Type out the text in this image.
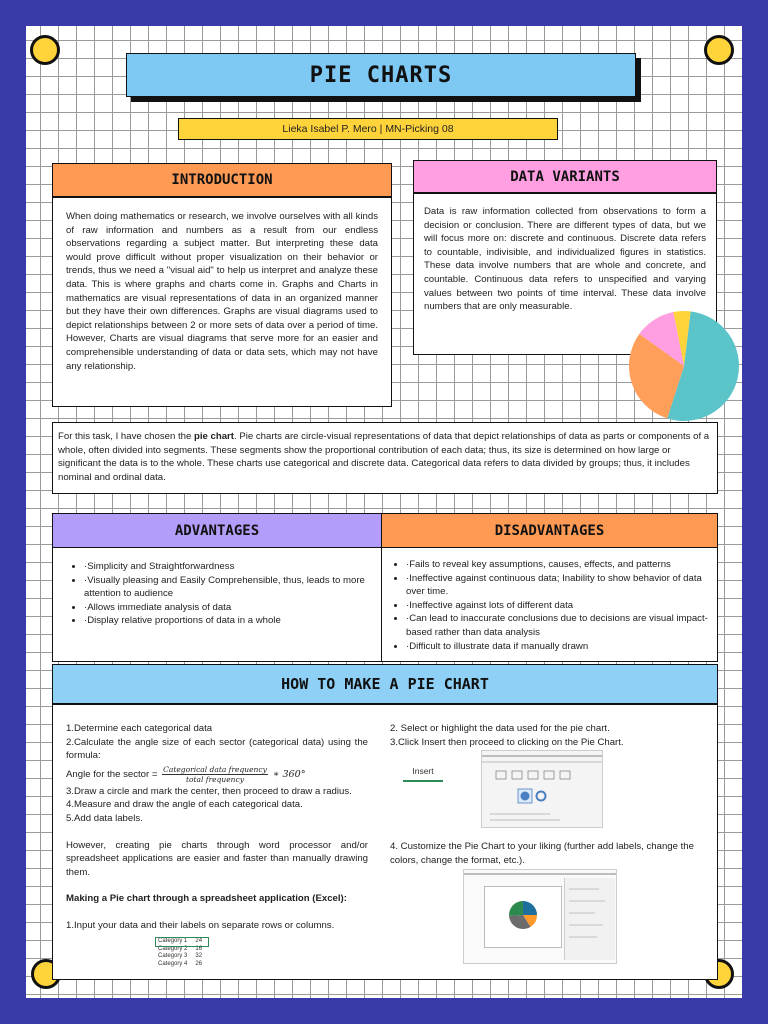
PIE CHARTS
Lieka Isabel P. Mero | MN-Picking 08
INTRODUCTION
When doing mathematics or research, we involve ourselves with all kinds of raw information and numbers as a result from our endless observations regarding a subject matter. But interpreting these data would prove difficult without proper visualization on their behavior or trends, thus we need a "visual aid" to help us interpret and analyze these data. This is where graphs and charts come in. Graphs and Charts in mathematics are visual representations of data in an organized manner but they have their own differences. Graphs are visual diagrams used to depict relationships between 2 or more sets of data over a period of time. However, Charts are visual diagrams that serve more for an easier and comprehensible understanding of data or data sets, which may not have any relationship.
DATA VARIANTS
Data is raw information collected from observations to form a decision or conclusion. There are different types of data, but we will focus more on: discrete and continuous. Discrete data refers to countable, indivisible, and individualized figures in statistics. These data involve numbers that are whole and concrete, and countable. Continuous data refers to unspecified and varying values between two points of time interval. These data involve numbers that are only measurable.
For this task, I have chosen the pie chart. Pie charts are circle-visual representations of data that depict relationships of data as parts or components of a whole, often divided into segments. These segments show the proportional contribution of each data; thus, its size is determined on how large or significant the data is to the whole. These charts use categorical and discrete data. Categorical data refers to data divided by groups; thus, it includes nominal and ordinal data.
ADVANTAGES	DISADVANTAGES
• ·Simplicity and Straightforwardness
• ·Visually pleasing and Easily Comprehensible, thus, leads to more attention to audience
• ·Allows immediate analysis of data
• ·Display relative proportions of data in a whole
• ·Fails to reveal key assumptions, causes, effects, and patterns
• ·Ineffective against continuous data; Inability to show behavior of data over time.
• ·Ineffective against lots of different data
• ·Can lead to inaccurate conclusions due to decisions are visual impact-based rather than data analysis
• ·Difficult to illustrate data if manually drawn
HOW TO MAKE A PIE CHART
1.Determine each categorical data
2.Calculate the angle size of each sector (categorical data) using the formula:
Angle for the sector = $\frac{\text{Categorical data frequency}}{\text{total frequency}}$ ∗ 360°
3.Draw a circle and mark the center, then proceed to draw a radius.
4.Measure and draw the angle of each categorical data.
5.Add data labels.
However, creating pie charts through word processor and/or spreadsheet applications are easier and faster than manually drawing them.
Making a Pie chart through a spreadsheet application (Excel):
1.Input your data and their labels on separate rows or columns.
Category 1	24
Category 2	16
Category 3	32
Category 4	26
2. Select or highlight the data used for the pie chart.
3.Click Insert then proceed to clicking on the Pie Chart.
Insert
4. Customize the Pie Chart to your liking (further add labels, change the colors, change the format, etc.).
